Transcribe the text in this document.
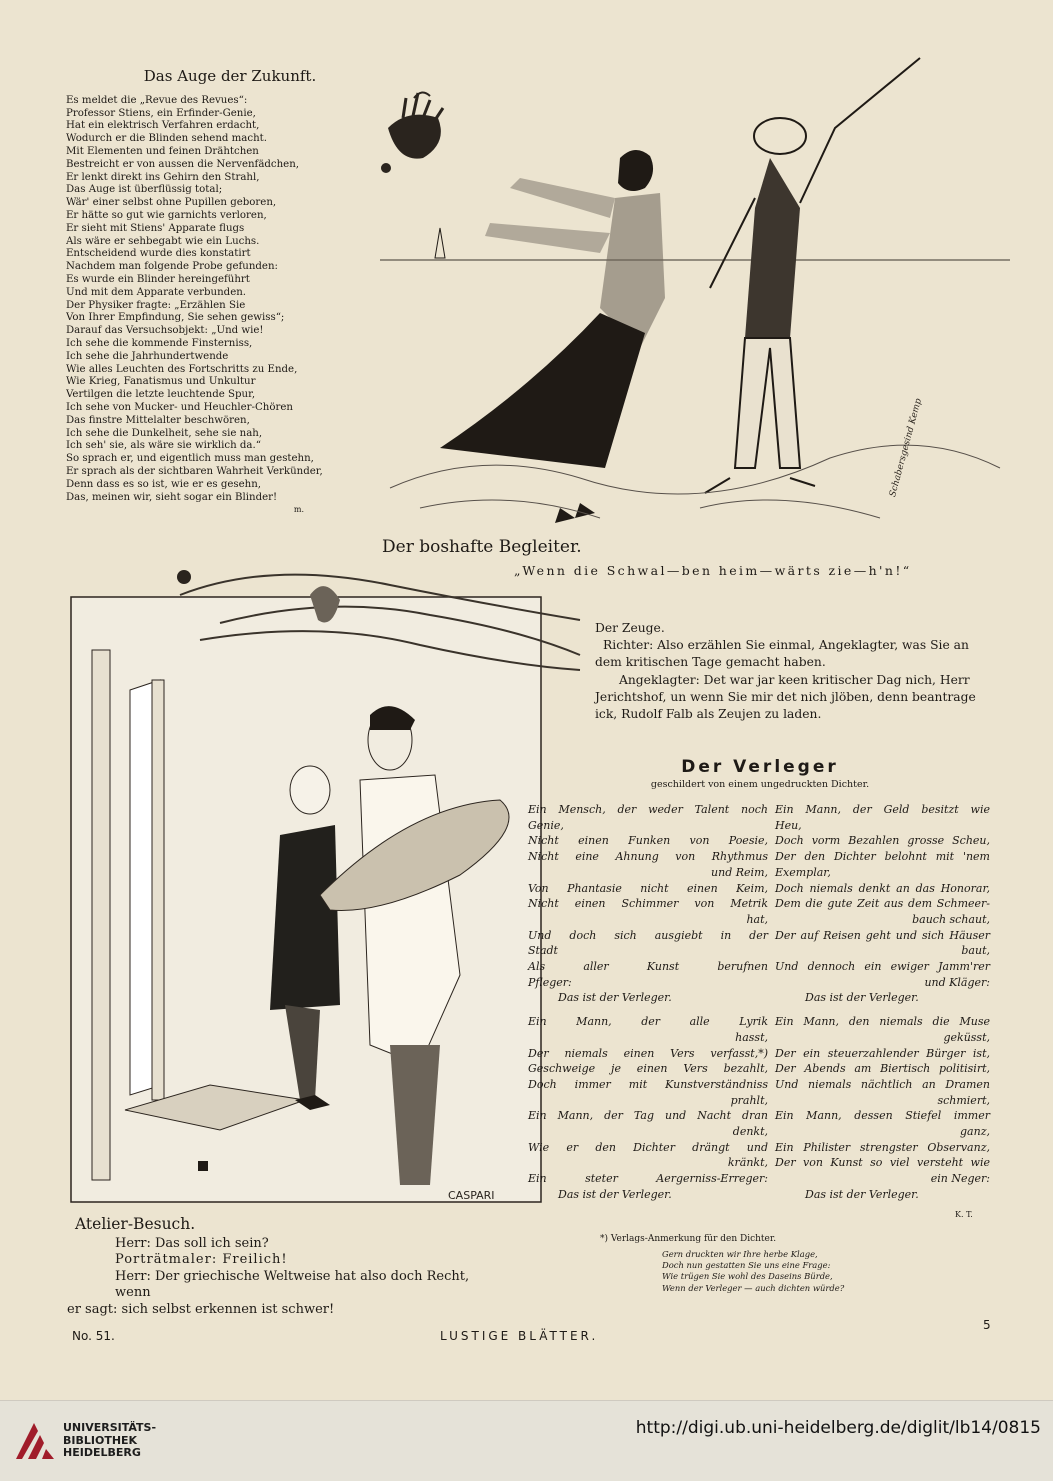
Das Auge der Zukunft.
Es meldet die „Revue des Revues“:
Professor Stiens, ein Erfinder-Genie,
Hat ein elektrisch Verfahren erdacht,
Wodurch er die Blinden sehend macht.
Mit Elementen und feinen Drähtchen
Bestreicht er von aussen die Nervenfädchen,
Er lenkt direkt ins Gehirn den Strahl,
Das Auge ist überflüssig total;
Wär' einer selbst ohne Pupillen geboren,
Er hätte so gut wie garnichts verloren,
Er sieht mit Stiens' Apparate flugs
Als wäre er sehbegabt wie ein Luchs.
Entscheidend wurde dies konstatirt
Nachdem man folgende Probe gefunden:
Es wurde ein Blinder hereingeführt
Und mit dem Apparate verbunden.
Der Physiker fragte: „Erzählen Sie
Von Ihrer Empfindung, Sie sehen gewiss“;
Darauf das Versuchsobjekt: „Und wie!
Ich sehe die kommende Finsterniss,
Ich sehe die Jahrhundertwende
Wie alles Leuchten des Fortschritts zu Ende,
Wie Krieg, Fanatismus und Unkultur
Vertilgen die letzte leuchtende Spur,
Ich sehe von Mucker- und Heuchler-Chören
Das finstre Mittelalter beschwören,
Ich sehe die Dunkelheit, sehe sie nah,
Ich seh' sie, als wäre sie wirklich da.“
So sprach er, und eigentlich muss man gestehn,
Er sprach als der sichtbaren Wahrheit Verkünder,
Denn dass es so ist, wie er es gesehn,
Das, meinen wir, sieht sogar ein Blinder!
m.
Schabersgesind Kemp
Der boshafte Begleiter.
„Wenn die Schwal—ben heim—wärts zie—h'n!“
CASPARI

Der Zeuge.

Richter: Also erzählen Sie einmal, Angeklagter, was Sie an dem kritischen Tage gemacht haben.

Angeklagter: Det war jar keen kritischer Dag nich, Herr Jerichtshof, un wenn Sie mir det nich jlöben, denn beantrage ick, Rudolf Falb als Zeujen zu laden.

Der Verleger
geschildert von einem ungedruckten Dichter.
Ein Mensch, der weder Talent noch
Genie,
Nicht einen Funken von Poesie,
Nicht eine Ahnung von Rhythmus
und Reim,
Von Phantasie nicht einen Keim,
Nicht einen Schimmer von Metrik
hat,
Und doch sich ausgiebt in der
Stadt
Als aller Kunst berufnen
Pfleger:
Das ist der Verleger.
Ein Mann, der alle Lyrik
hasst,
Der niemals einen Vers verfasst,*)
Geschweige je einen Vers bezahlt,
Doch immer mit Kunstverständniss
prahlt,
Ein Mann, der Tag und Nacht dran
denkt,
Wie er den Dichter drängt und
kränkt,
Ein steter Aergerniss-Erreger:
Das ist der Verleger.
Ein Mann, der Geld besitzt wie
Heu,
Doch vorm Bezahlen grosse Scheu,
Der den Dichter belohnt mit 'nem
Exemplar,
Doch niemals denkt an das Honorar,
Dem die gute Zeit aus dem Schmeer-
bauch schaut,
Der auf Reisen geht und sich Häuser
baut,
Und dennoch ein ewiger Jamm'rer
und Kläger:
Das ist der Verleger.
Ein Mann, den niemals die Muse
geküsst,
Der ein steuerzahlender Bürger ist,
Der Abends am Biertisch politisirt,
Und niemals nächtlich an Dramen
schmiert,
Ein Mann, dessen Stiefel immer
ganz,
Ein Philister strengster Observanz,
Der von Kunst so viel versteht wie
ein Neger:
Das ist der Verleger.
K. T.
*) Verlags-Anmerkung für den Dichter.
Gern druckten wir Ihre herbe Klage,
Doch nun gestatten Sie uns eine Frage:
Wie trügen Sie wohl des Daseins Bürde,
Wenn der Verleger — auch dichten würde?
Atelier-Besuch.
Herr: Das soll ich sein?
Porträtmaler: Freilich!
Herr: Der griechische Weltweise hat also doch Recht, wenn
er sagt: sich selbst erkennen ist schwer!
No. 51.	LUSTIGE BLÄTTER.
5
UNIVERSITÄTS-
BIBLIOTHEK
HEIDELBERG
http://digi.ub.uni-heidelberg.de/diglit/lb14/0815
